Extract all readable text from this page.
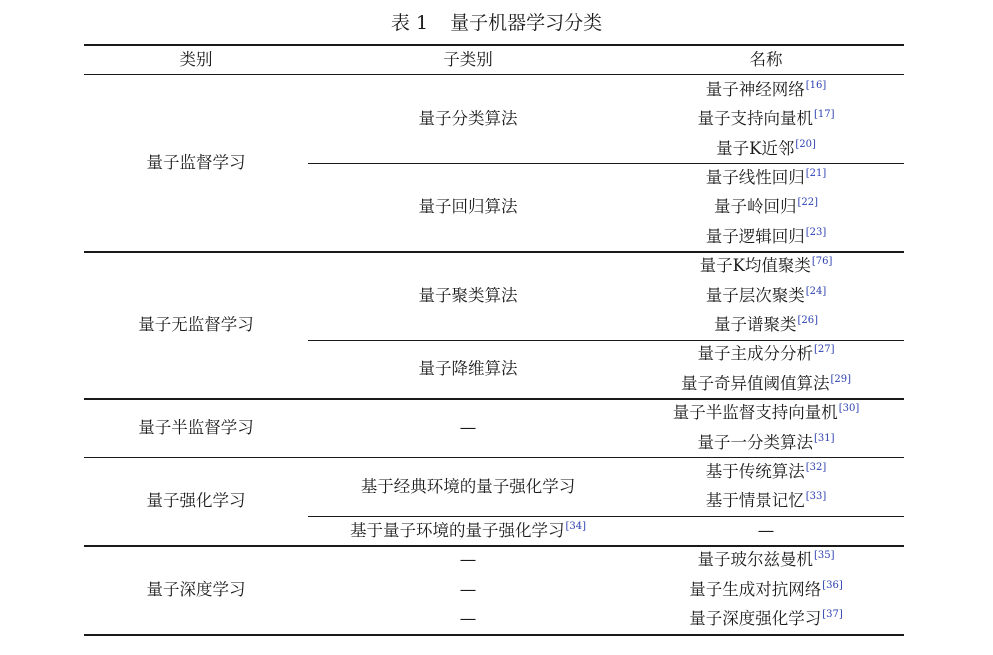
表 1 量子机器学习分类
类别	子类别	名称
量子神经网络[16]
量子支持向量机[17]
量子K近邻[20]
量子分类算法
量子线性回归[21]
量子岭回归[22]
量子逻辑回归[23]
量子回归算法
量子监督学习
量子K均值聚类[76]
量子层次聚类[24]
量子谱聚类[26]
量子聚类算法
量子主成分分析[27]
量子奇异值阈值算法[29]
量子降维算法
量子无监督学习
量子半监督支持向量机[30]
量子一分类算法[31]
—
量子半监督学习
基于传统算法[32]
基于情景记忆[33]
基于经典环境的量子强化学习
—
基于量子环境的量子强化学习[34]
量子强化学习
量子玻尔兹曼机[35]
—
量子生成对抗网络[36]
—
量子深度强化学习[37]
—
量子深度学习
